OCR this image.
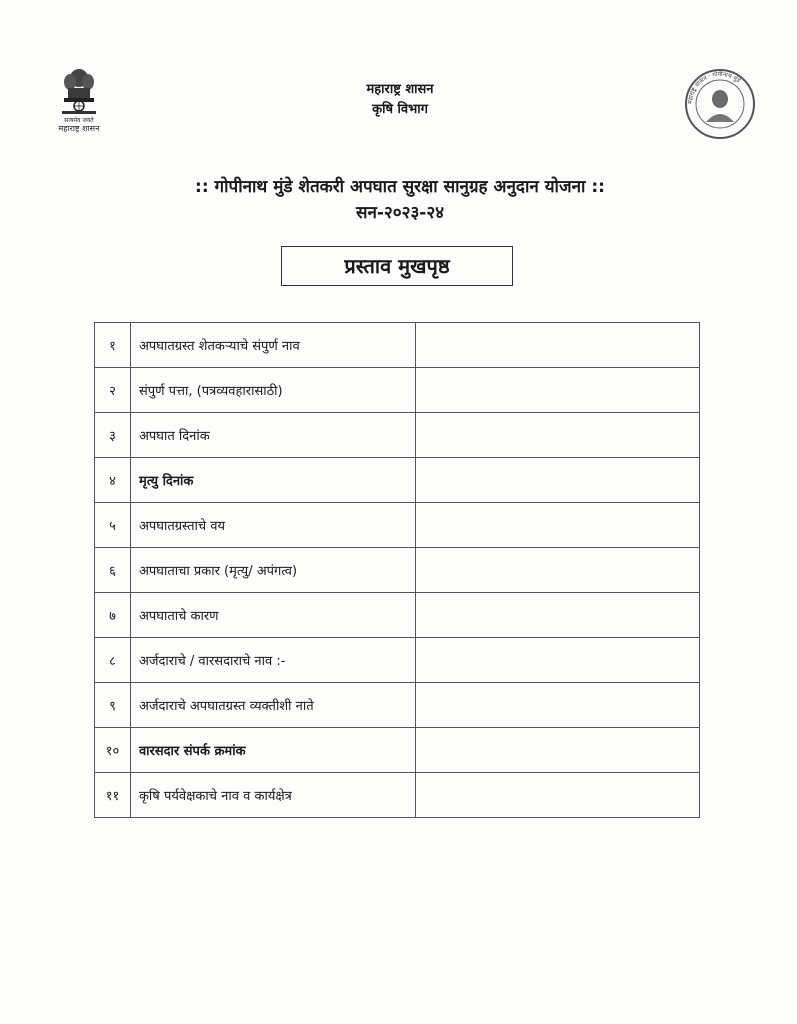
सत्यमेव जयते
महाराष्ट्र शासन
महाराष्ट्र शासन
कृषि विभाग	महाराष्ट्र शासन · गोपीनाथ मुंडे
:: गोपीनाथ मुंडे शेतकरी अपघात सुरक्षा सानुग्रह अनुदान योजना ::
सन-२०२३-२४
प्रस्ताव मुखपृष्ठ
१	अपघातग्रस्त शेतकऱ्याचे संपुर्ण नाव	
२	संपुर्ण पत्ता, (पत्रव्यवहारासाठी)	
३	अपघात दिनांक	
४	मृत्यु दिनांक	
५	अपघातग्रस्ताचे वय	
६	अपघाताचा प्रकार (मृत्यु/ अपंगत्व)	
७	अपघाताचे कारण	
८	अर्जदाराचे / वारसदाराचे नाव :-	
९	अर्जदाराचे अपघातग्रस्त व्यक्तीशी नाते	
१०	वारसदार संपर्क क्रमांक	
११	कृषि पर्यवेक्षकाचे नाव व कार्यक्षेत्र	
